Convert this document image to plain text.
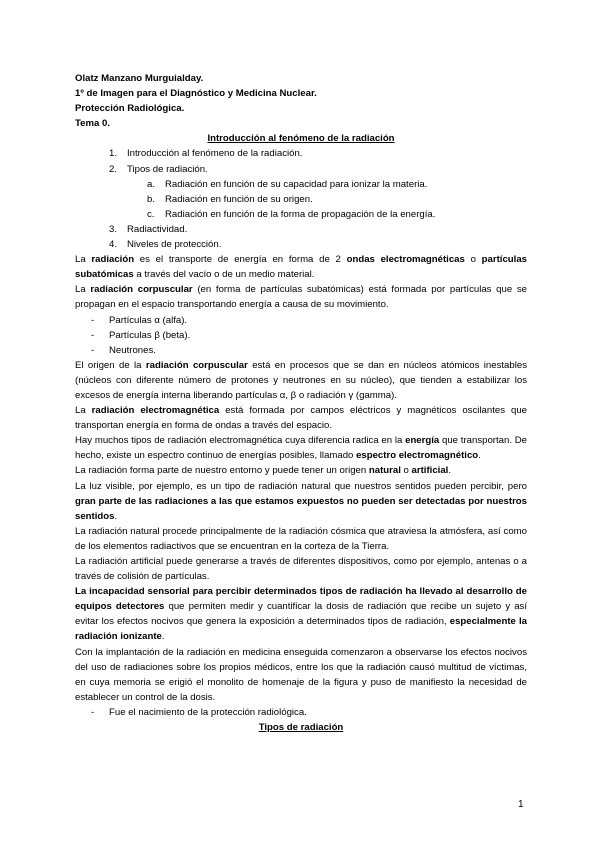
Olatz Manzano Murguialday.

1º de Imagen para el Diagnóstico y Medicina Nuclear.

Protección Radiológica.

Tema 0.

Introducción al fenómeno de la radiación

1. Introducción al fenómeno de la radiación.
2. Tipos de radiación.
a. Radiación en función de su capacidad para ionizar la materia.
b. Radiación en función de su origen.
c. Radiación en función de la forma de propagación de la energía.
3. Radiactividad.
4. Niveles de protección.

La radiación es el transporte de energía en forma de 2 ondas electromagnéticas o partículas subatómicas a través del vacío o de un medio material.

La radiación corpuscular (en forma de partículas subatómicas) está formada por partículas que se propagan en el espacio transportando energía a causa de su movimiento.

- Partículas α (alfa).
- Partículas β (beta).
- Neutrones.

El origen de la radiación corpuscular está en procesos que se dan en núcleos atómicos inestables (núcleos con diferente número de protones y neutrones en su núcleo), que tienden a estabilizar los excesos de energía interna liberando partículas α, β o radiación γ (gamma).

La radiación electromagnética está formada por campos eléctricos y magnéticos oscilantes que transportan energía en forma de ondas a través del espacio.

Hay muchos tipos de radiación electromagnética cuya diferencia radica en la energía que transportan. De hecho, existe un espectro continuo de energías posibles, llamado espectro electromagnético.

La radiación forma parte de nuestro entorno y puede tener un origen natural o artificial.

La luz visible, por ejemplo, es un tipo de radiación natural que nuestros sentidos pueden percibir, pero gran parte de las radiaciones a las que estamos expuestos no pueden ser detectadas por nuestros sentidos.

La radiación natural procede principalmente de la radiación cósmica que atraviesa la atmósfera, así como de los elementos radiactivos que se encuentran en la corteza de la Tierra.

La radiación artificial puede generarse a través de diferentes dispositivos, como por ejemplo, antenas o a través de colisión de partículas.

La incapacidad sensorial para percibir determinados tipos de radiación ha llevado al desarrollo de equipos detectores que permiten medir y cuantificar la dosis de radiación que recibe un sujeto y así evitar los efectos nocivos que genera la exposición a determinados tipos de radiación, especialmente la radiación ionizante.

Con la implantación de la radiación en medicina enseguida comenzaron a observarse los efectos nocivos del uso de radiaciones sobre los propios médicos, entre los que la radiación causó multitud de víctimas, en cuya memoria se erigió el monolito de homenaje de la figura y puso de manifiesto la necesidad de establecer un control de la dosis.

- Fue el nacimiento de la protección radiológica.

Tipos de radiación

1
